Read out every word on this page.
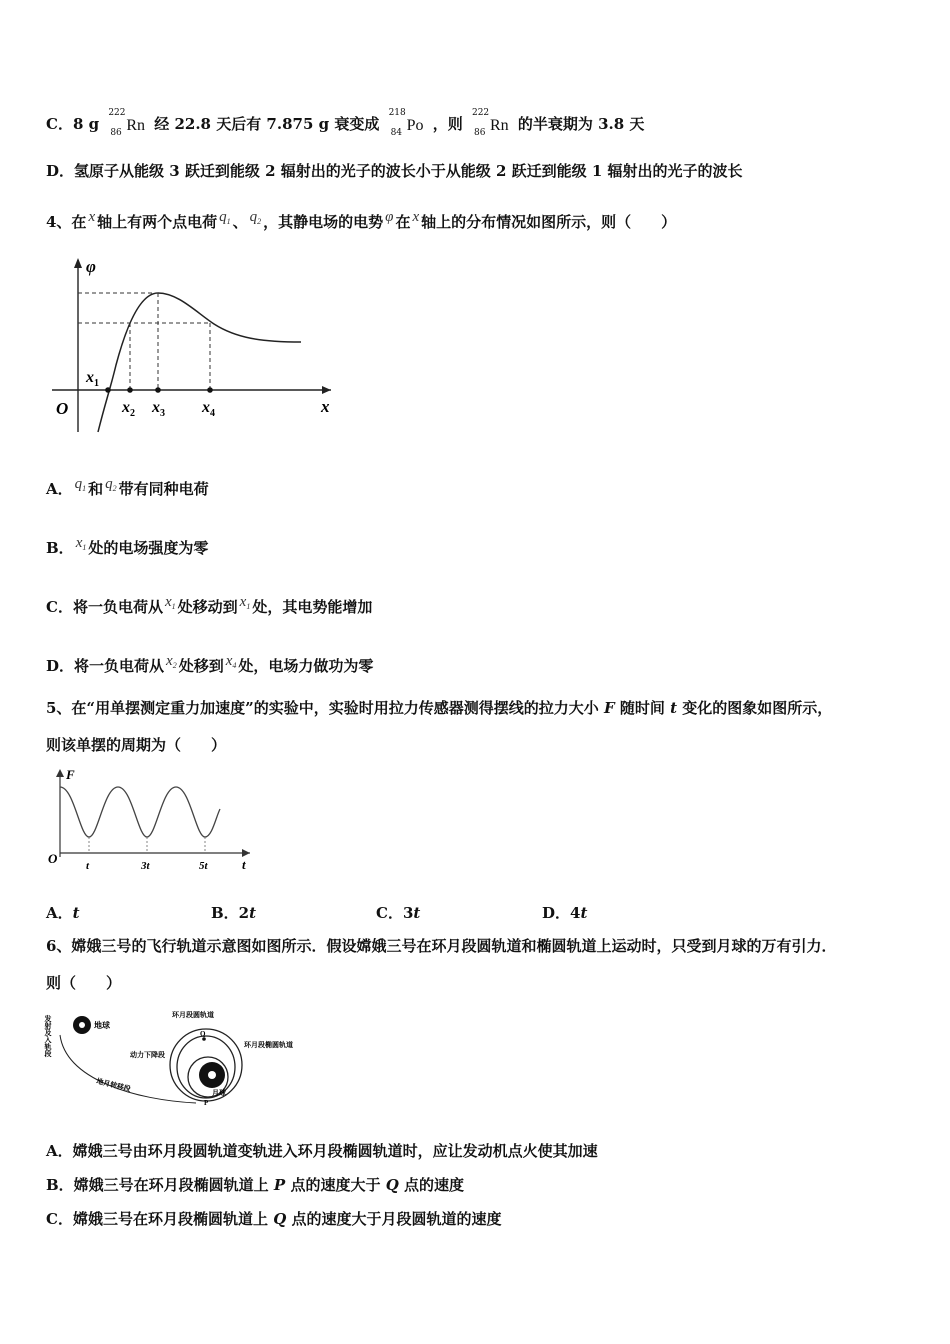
C．8 g
222
86 Rn 经 22.8 天后有 7.875 g 衰变成
218
84 Po ，则
222
86 Rn 的半衰期为 3.8 天
D．氢原子从能级 3 跃迁到能级 2 辐射出的光子的波长小于从能级 2 跃迁到能级 1 辐射出的光子的波长
4、在 x 轴上有两个点电荷 $q_1$ 、 $q_2$ ，其静电场的电势 φ 在 x 轴上的分布情况如图所示，则（　　）
φ
x
O
$x_1$
$x_2$ $x_3$ $x_4$
A． $q_1$ 和 $q_2$ 带有同种电荷
B． $x_1$ 处的电场强度为零
C．将一负电荷从 $x_1$ 处移动到 $x_1$ 处，其电势能增加
D．将一负电荷从 $x_2$ 处移到 $x_4$ 处，电场力做功为零
5、在“用单摆测定重力加速度”的实验中，实验时用拉力传感器测得摆线的拉力大小 F 随时间 t 变化的图象如图所示，
则该单摆的周期为（　　）
F
t
O	t	3t	5t
A．t	B．2t	C．3t	D．4t
6、嫦娥三号的飞行轨道示意图如图所示．假设嫦娥三号在环月段圆轨道和椭圆轨道上运动时，只受到月球的万有引力．
则（　　）
发射及入轨段	地球
地月转移段
Q
P
环月段圆轨道
环月段椭圆轨道
动力下降段
月球
A．嫦娥三号由环月段圆轨道变轨进入环月段椭圆轨道时，应让发动机点火使其加速
B．嫦娥三号在环月段椭圆轨道上 P 点的速度大于 Q 点的速度
C．嫦娥三号在环月段椭圆轨道上 Q 点的速度大于月段圆轨道的速度
